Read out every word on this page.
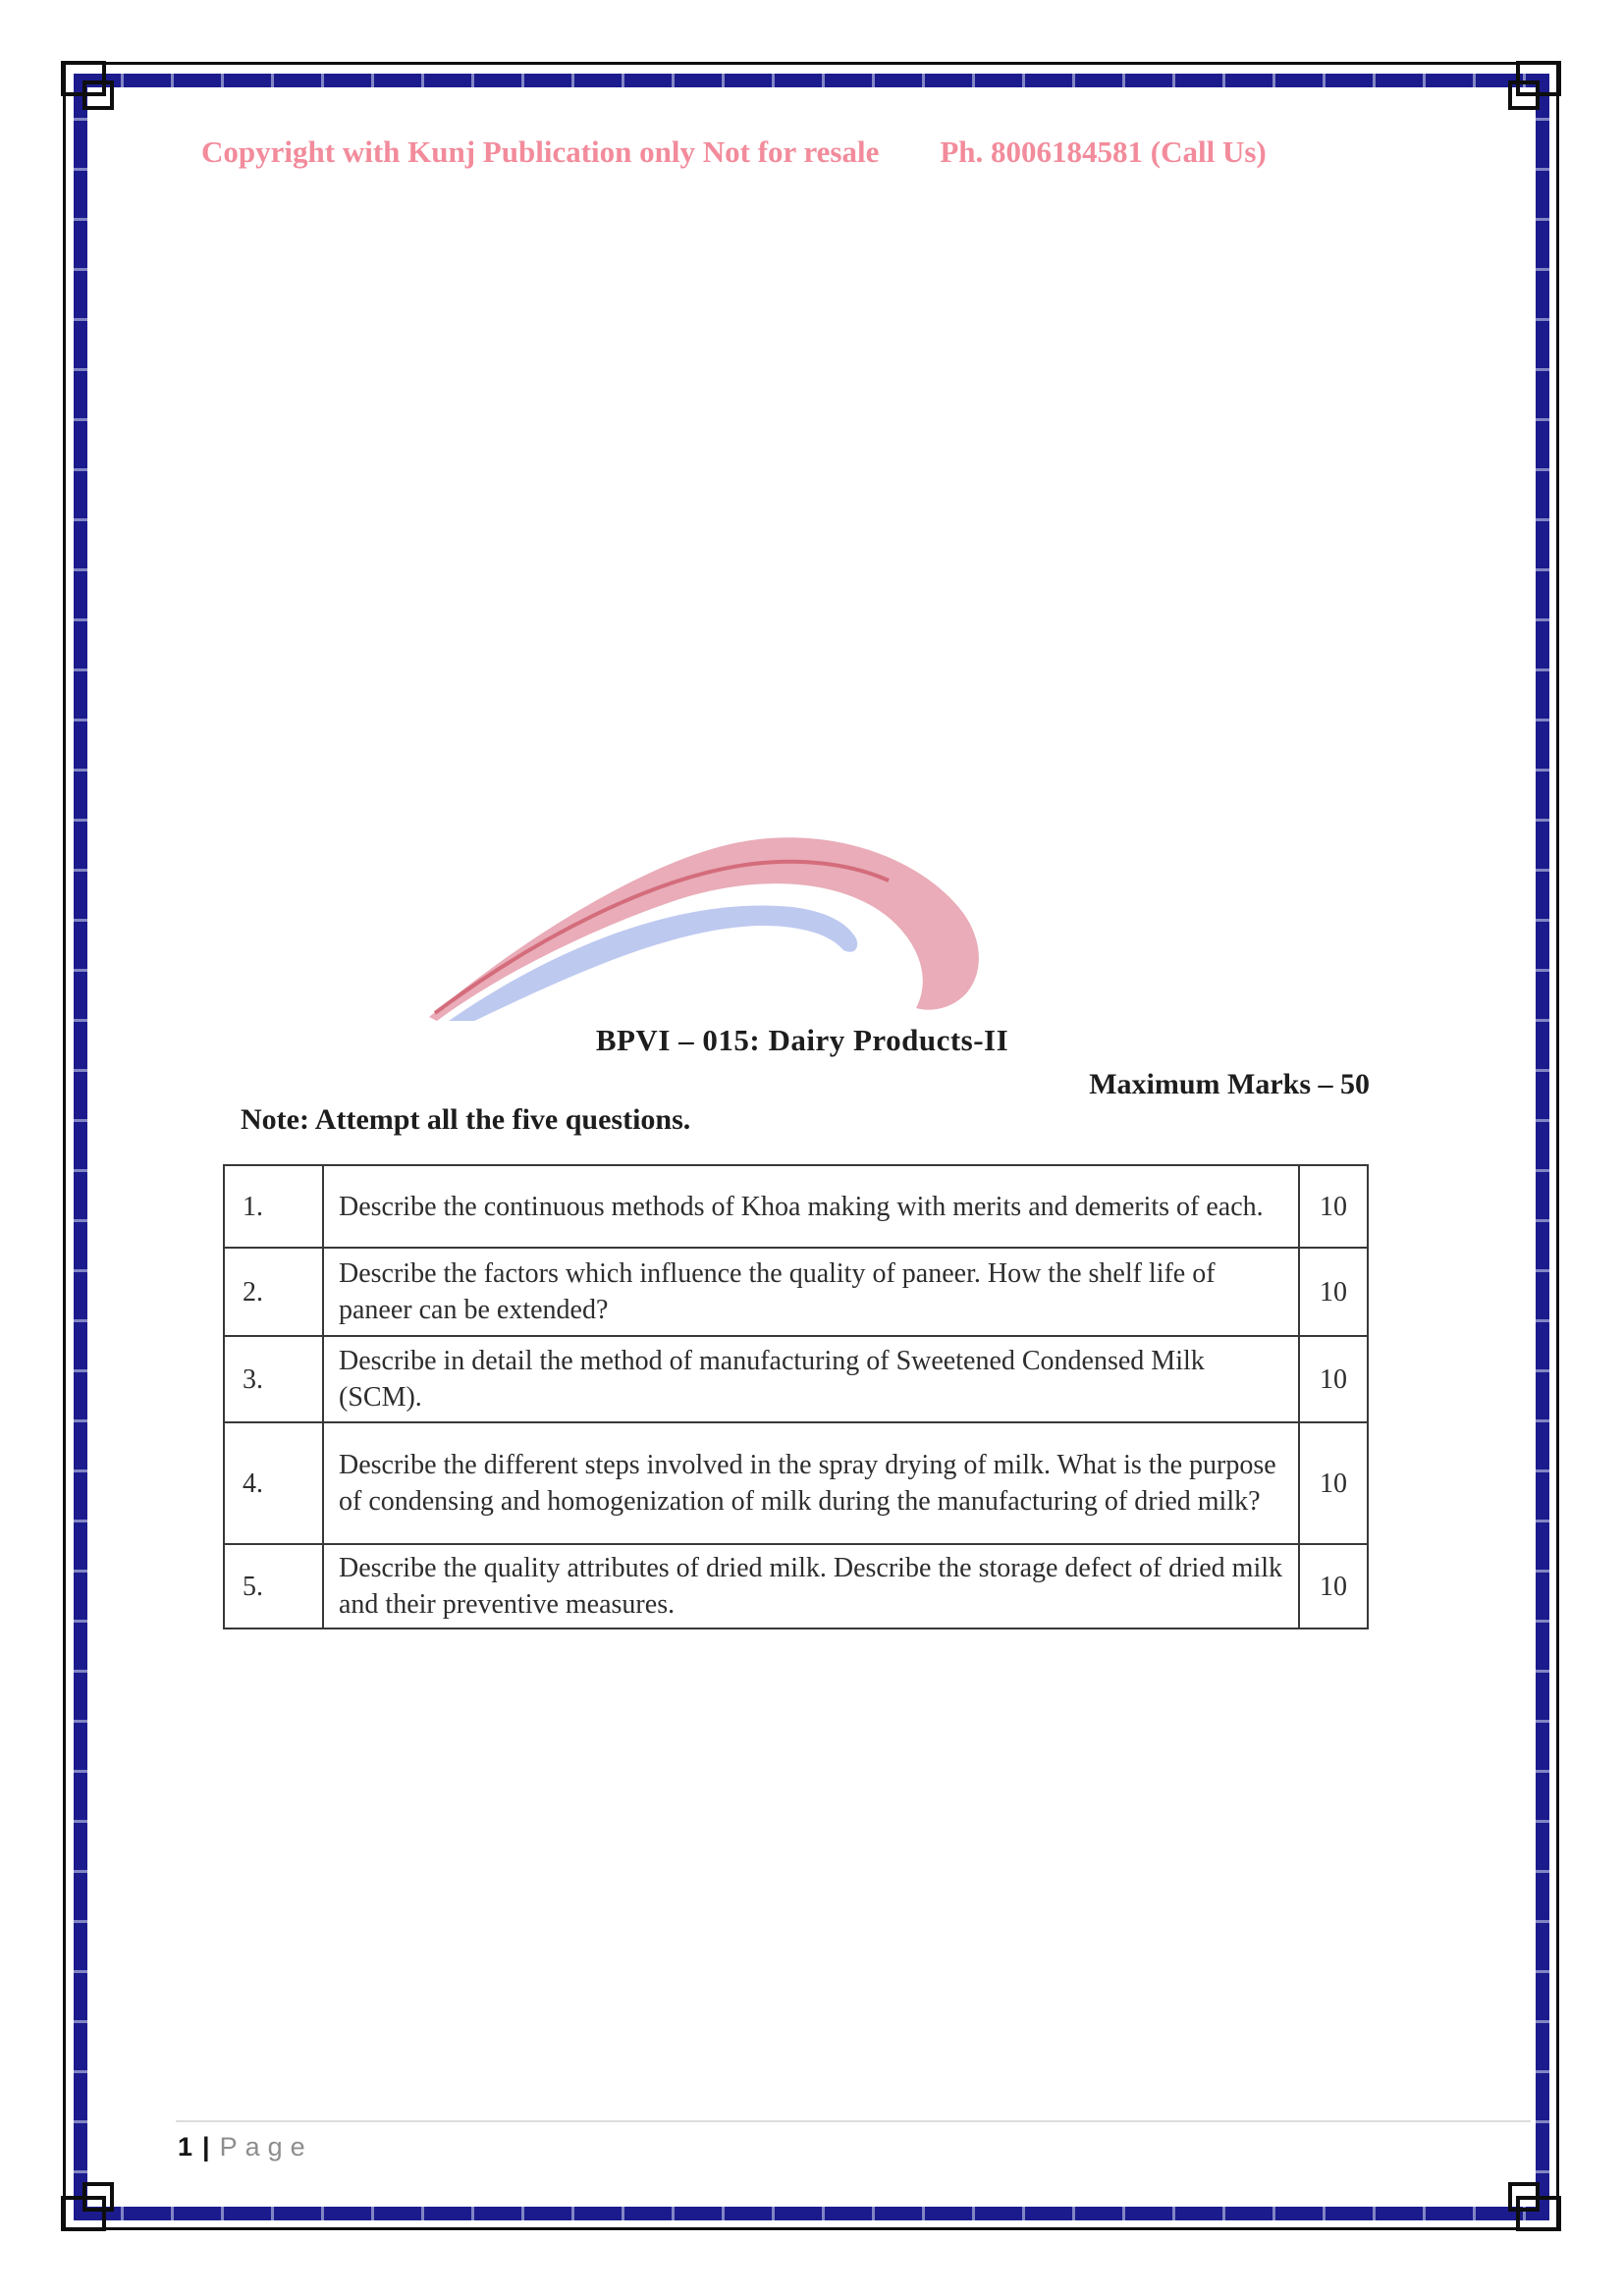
Copyright with Kunj Publication only Not for resale Ph. 8006184581 (Call Us)
BPVI – 015: Dairy Products-II
Maximum Marks – 50
Note: Attempt all the five questions.
1.	Describe the continuous methods of Khoa making with merits and demerits of each.	10
2.	Describe the factors which influence the quality of paneer. How the shelf life of paneer can be extended?	10
3.	Describe in detail the method of manufacturing of Sweetened Condensed Milk (SCM).	10
4.	Describe the different steps involved in the spray drying of milk. What is the purpose of condensing and homogenization of milk during the manufacturing of dried milk?	10
5.	Describe the quality attributes of dried milk. Describe the storage defect of dried milk and their preventive measures.	10
1 | Page
